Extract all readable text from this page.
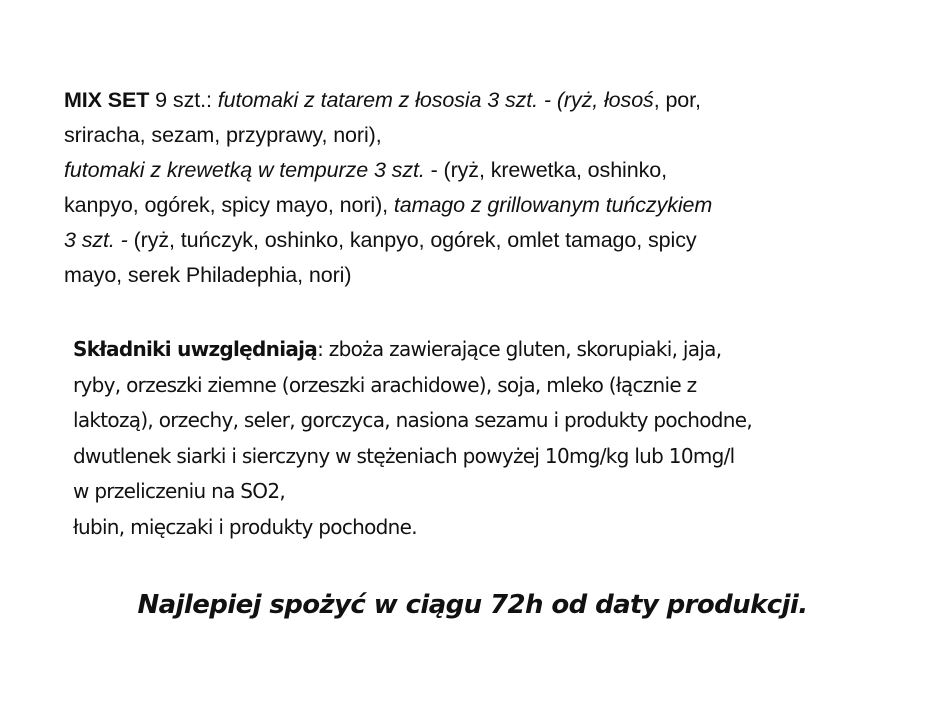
MIX SET 9 szt.: futomaki z tatarem z łososia 3 szt. - (ryż, łosoś, por,
sriracha, sezam, przyprawy, nori),
futomaki z krewetką w tempurze 3 szt. - (ryż, krewetka, oshinko,
kanpyo, ogórek, spicy mayo, nori), tamago z grillowanym tuńczykiem
3 szt. - (ryż, tuńczyk, oshinko, kanpyo, ogórek, omlet tamago, spicy
mayo, serek Philadephia, nori)
Składniki uwzględniają: zboża zawierające gluten, skorupiaki, jaja,
ryby, orzeszki ziemne (orzeszki arachidowe), soja, mleko (łącznie z
laktozą), orzechy, seler, gorczyca, nasiona sezamu i produkty pochodne,
dwutlenek siarki i sierczyny w stężeniach powyżej 10mg/kg lub 10mg/l
w przeliczeniu na SO2,
łubin, mięczaki i produkty pochodne.
Najlepiej spożyć w ciągu 72h od daty produkcji.
